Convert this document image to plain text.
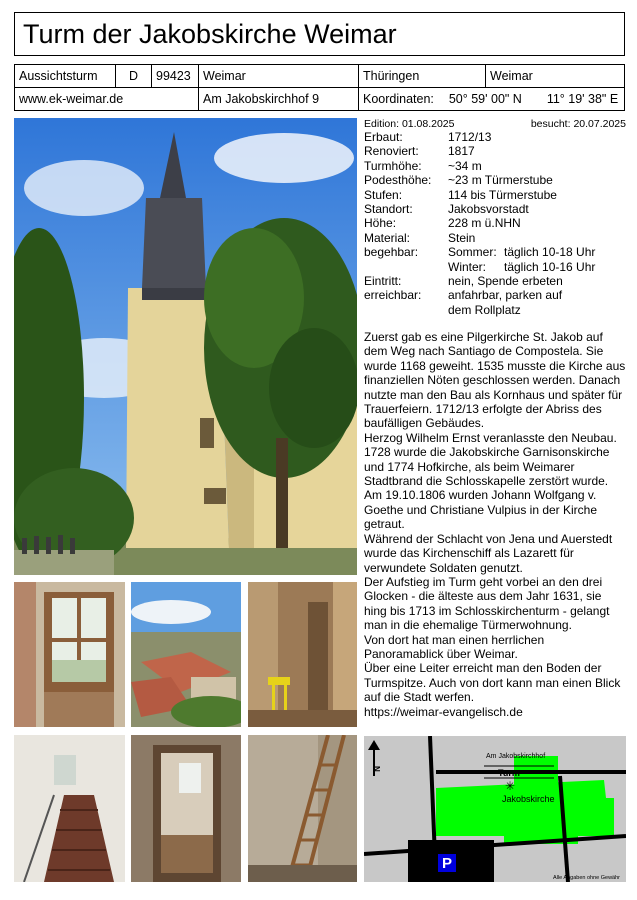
Turm der Jakobskirche Weimar
Aussichtsturm	D	99423	Weimar	Thüringen	Weimar
www.ek-weimar.de			Am Jakobskirchhof 9	Koordinaten: 50° 59' 00" N 11° 19' 38" E	
Edition: 01.08.2025	besucht: 20.07.2025
Erbaut:	1712/13
Renoviert:	1817
Turmhöhe:	~34 m
Podesthöhe:	~23 m Türmerstube
Stufen:	114 bis Türmerstube
Standort:	Jakobsvorstadt
Höhe:	228 m ü.NHN
Material:	Stein
begehbar:	Sommer: täglich 10-18 Uhr
Winter:	täglich 10-16 Uhr
Eintritt:	nein, Spende erbeten
erreichbar:	anfahrbar, parken auf dem Rollplatz

Zuerst gab es eine Pilgerkirche St. Jakob auf dem Weg nach Santiago de Compostela. Sie wurde 1168 geweiht. 1535 musste die Kirche aus finanziellen Nöten geschlossen werden. Danach nutzte man den Bau als Kornhaus und später für Trauerfeiern. 1712/13 erfolgte der Abriss des baufälligen Gebäudes.

Herzog Wilhelm Ernst veranlasste den Neubau. 1728 wurde die Jakobskirche Garnisonskirche und 1774 Hofkirche, als beim Weimarer Stadtbrand die Schlosskapelle zerstört wurde.

Am 19.10.1806 wurden Johann Wolfgang v. Goethe und Christiane Vulpius in der Kirche getraut.

Während der Schlacht von Jena und Auerstedt wurde das Kirchenschiff als Lazarett für verwundete Soldaten genutzt.

Der Aufstieg im Turm geht vorbei an den drei Glocken - die älteste aus dem Jahr 1631, sie hing bis 1713 im Schlosskirchenturm - gelangt man in die ehemalige Türmerwohnung.

Von dort hat man einen herrlichen Panoramablick über Weimar.

Über eine Leiter erreicht man den Boden der Turmspitze. Auch von dort kann man einen Blick auf die Stadt werfen.

https://weimar-evangelisch.de

P
Am Jakobskirchhof
Turm
✳
Jakobskirche
N
Alle Angaben ohne Gewähr
